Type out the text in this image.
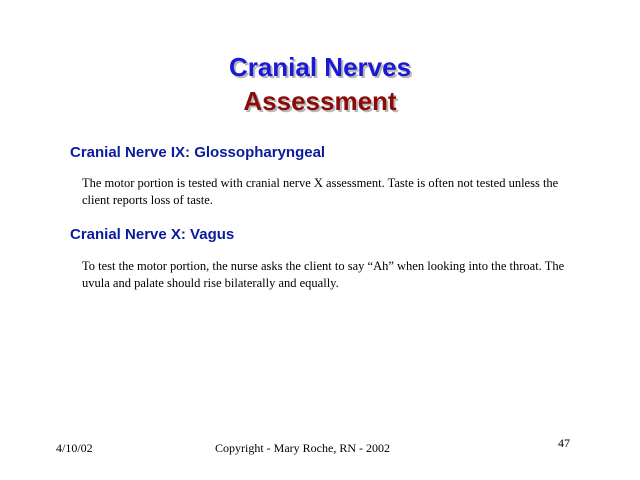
Cranial Nerves
Assessment
Cranial Nerve IX: Glossopharyngeal

The motor portion is tested with cranial nerve X assessment. Taste is often not tested unless the client reports loss of taste.

Cranial Nerve X: Vagus

To test the motor portion, the nurse asks the client to say “Ah” when looking into the throat. The uvula and palate should rise bilaterally and equally.

4/10/02	Copyright - Mary Roche, RN - 2002	47
